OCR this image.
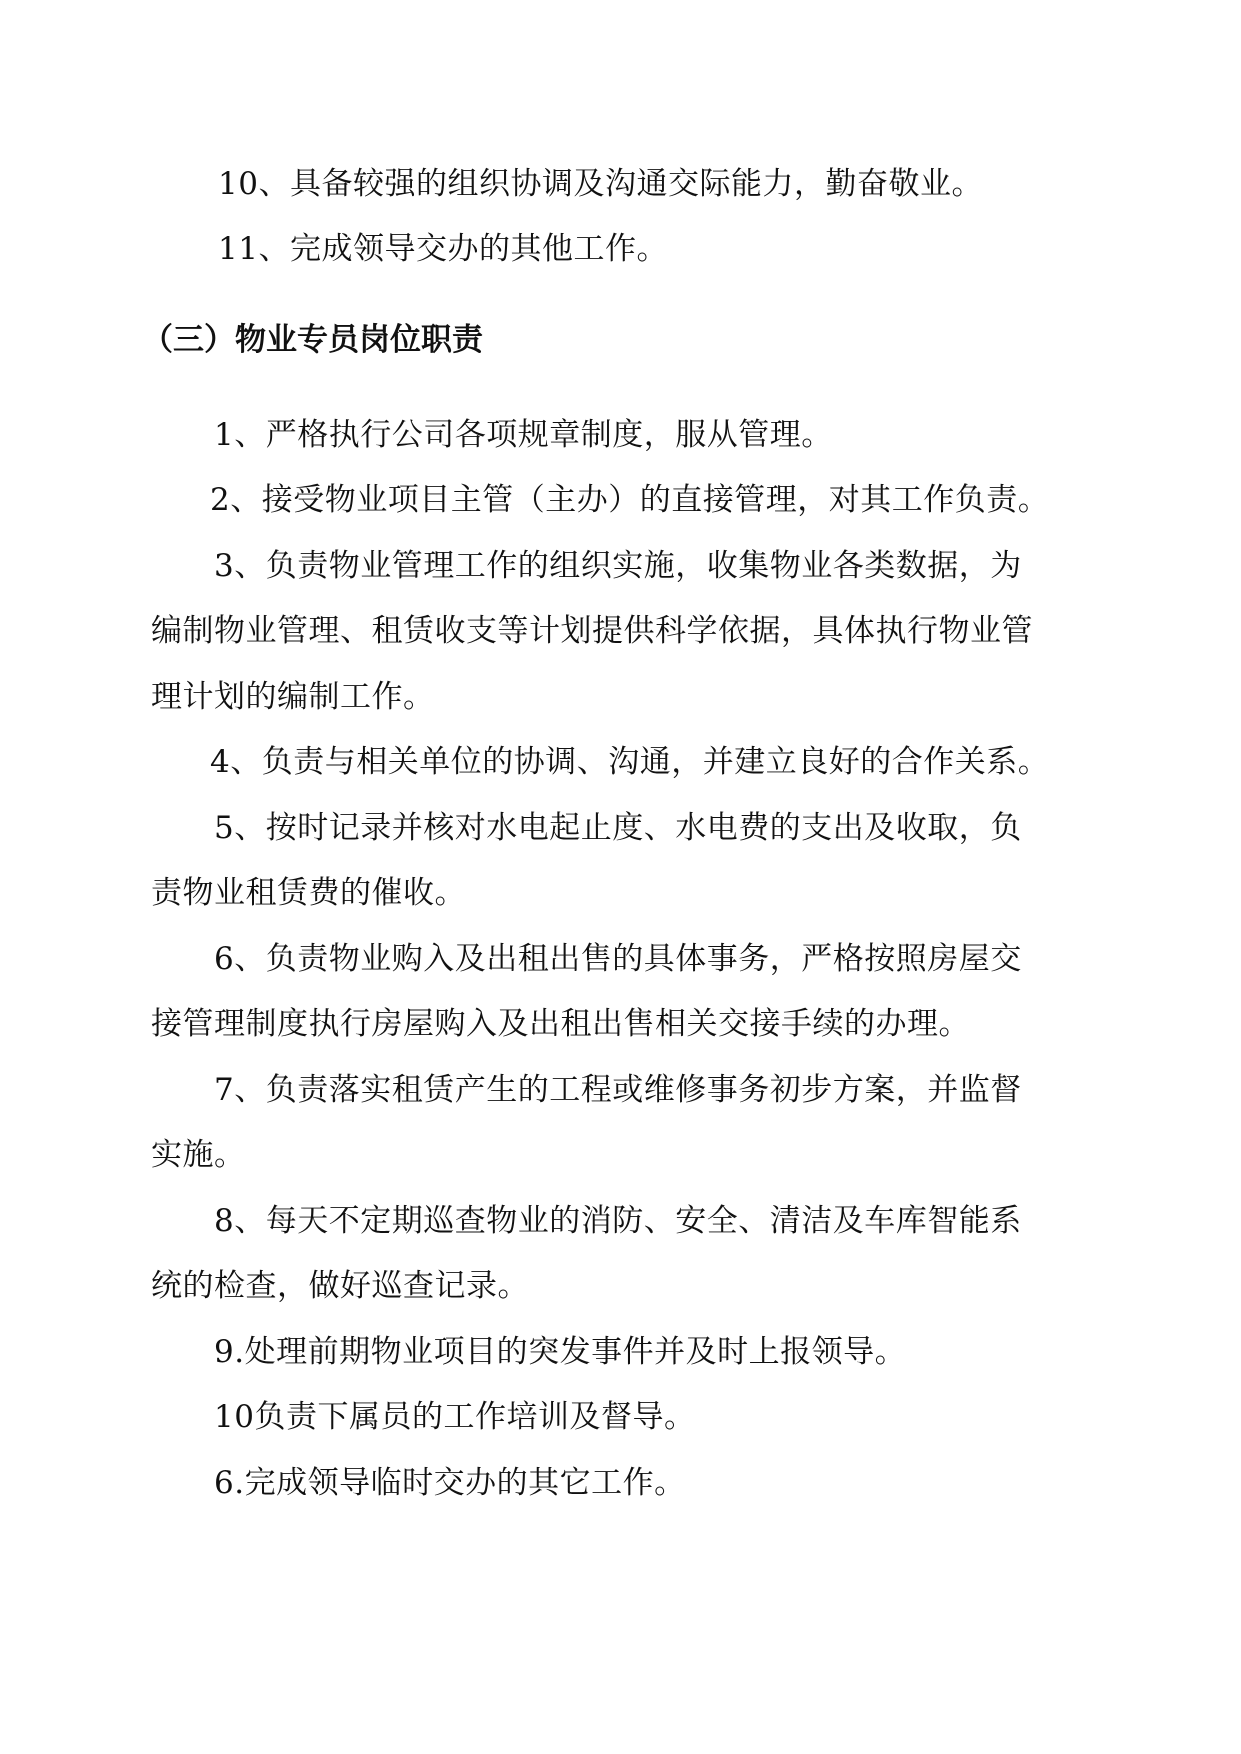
10、具备较强的组织协调及沟通交际能力，勤奋敬业。
11、完成领导交办的其他工作。
（三）物业专员岗位职责
1、严格执行公司各项规章制度，服从管理。
2、接受物业项目主管（主办）的直接管理，对其工作负责。
3、负责物业管理工作的组织实施，收集物业各类数据，为
编制物业管理、租赁收支等计划提供科学依据，具体执行物业管
理计划的编制工作。
4、负责与相关单位的协调、沟通，并建立良好的合作关系。
5、按时记录并核对水电起止度、水电费的支出及收取，负
责物业租赁费的催收。
6、负责物业购入及出租出售的具体事务，严格按照房屋交
接管理制度执行房屋购入及出租出售相关交接手续的办理。
7、负责落实租赁产生的工程或维修事务初步方案，并监督
实施。
8、每天不定期巡查物业的消防、安全、清洁及车库智能系
统的检查，做好巡查记录。
9.处理前期物业项目的突发事件并及时上报领导。
10负责下属员的工作培训及督导。
6.完成领导临时交办的其它工作。
